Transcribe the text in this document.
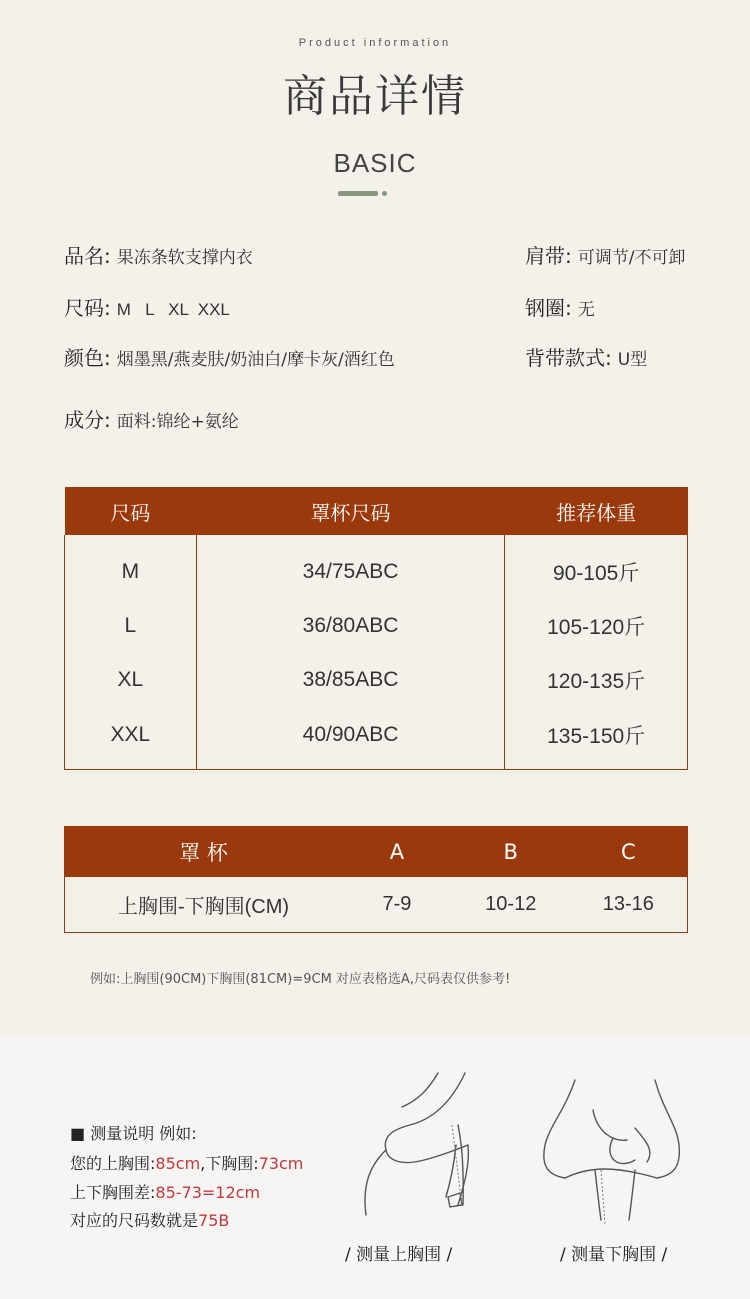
Product information
商品详情
BASIC
品名: 果冻条软支撑内衣	肩带: 可调节/不可卸
尺码: M   L   XL  XXL	钢圈: 无
颜色: 烟墨黑/燕麦肤/奶油白/摩卡灰/酒红色	背带款式: U型
成分: 面料:锦纶+氨纶
尺码	罩杯尺码	推荐体重
M	34/75ABC	90-105斤
L	36/80ABC	105-120斤
XL	38/85ABC	120-135斤
XXL	40/90ABC	135-150斤
罩 杯	A	B	C
上胸围-下胸围(CM)	7-9	10-12	13-16
例如:上胸围(90CM)下胸围(81CM)=9CM 对应表格选A,尺码表仅供参考!
■ 测量说明 例如:
您的上胸围:85cm,下胸围:73cm
上下胸围差:85-73=12cm
对应的尺码数就是75B
/ 测量上胸围 /	/ 测量下胸围 /
